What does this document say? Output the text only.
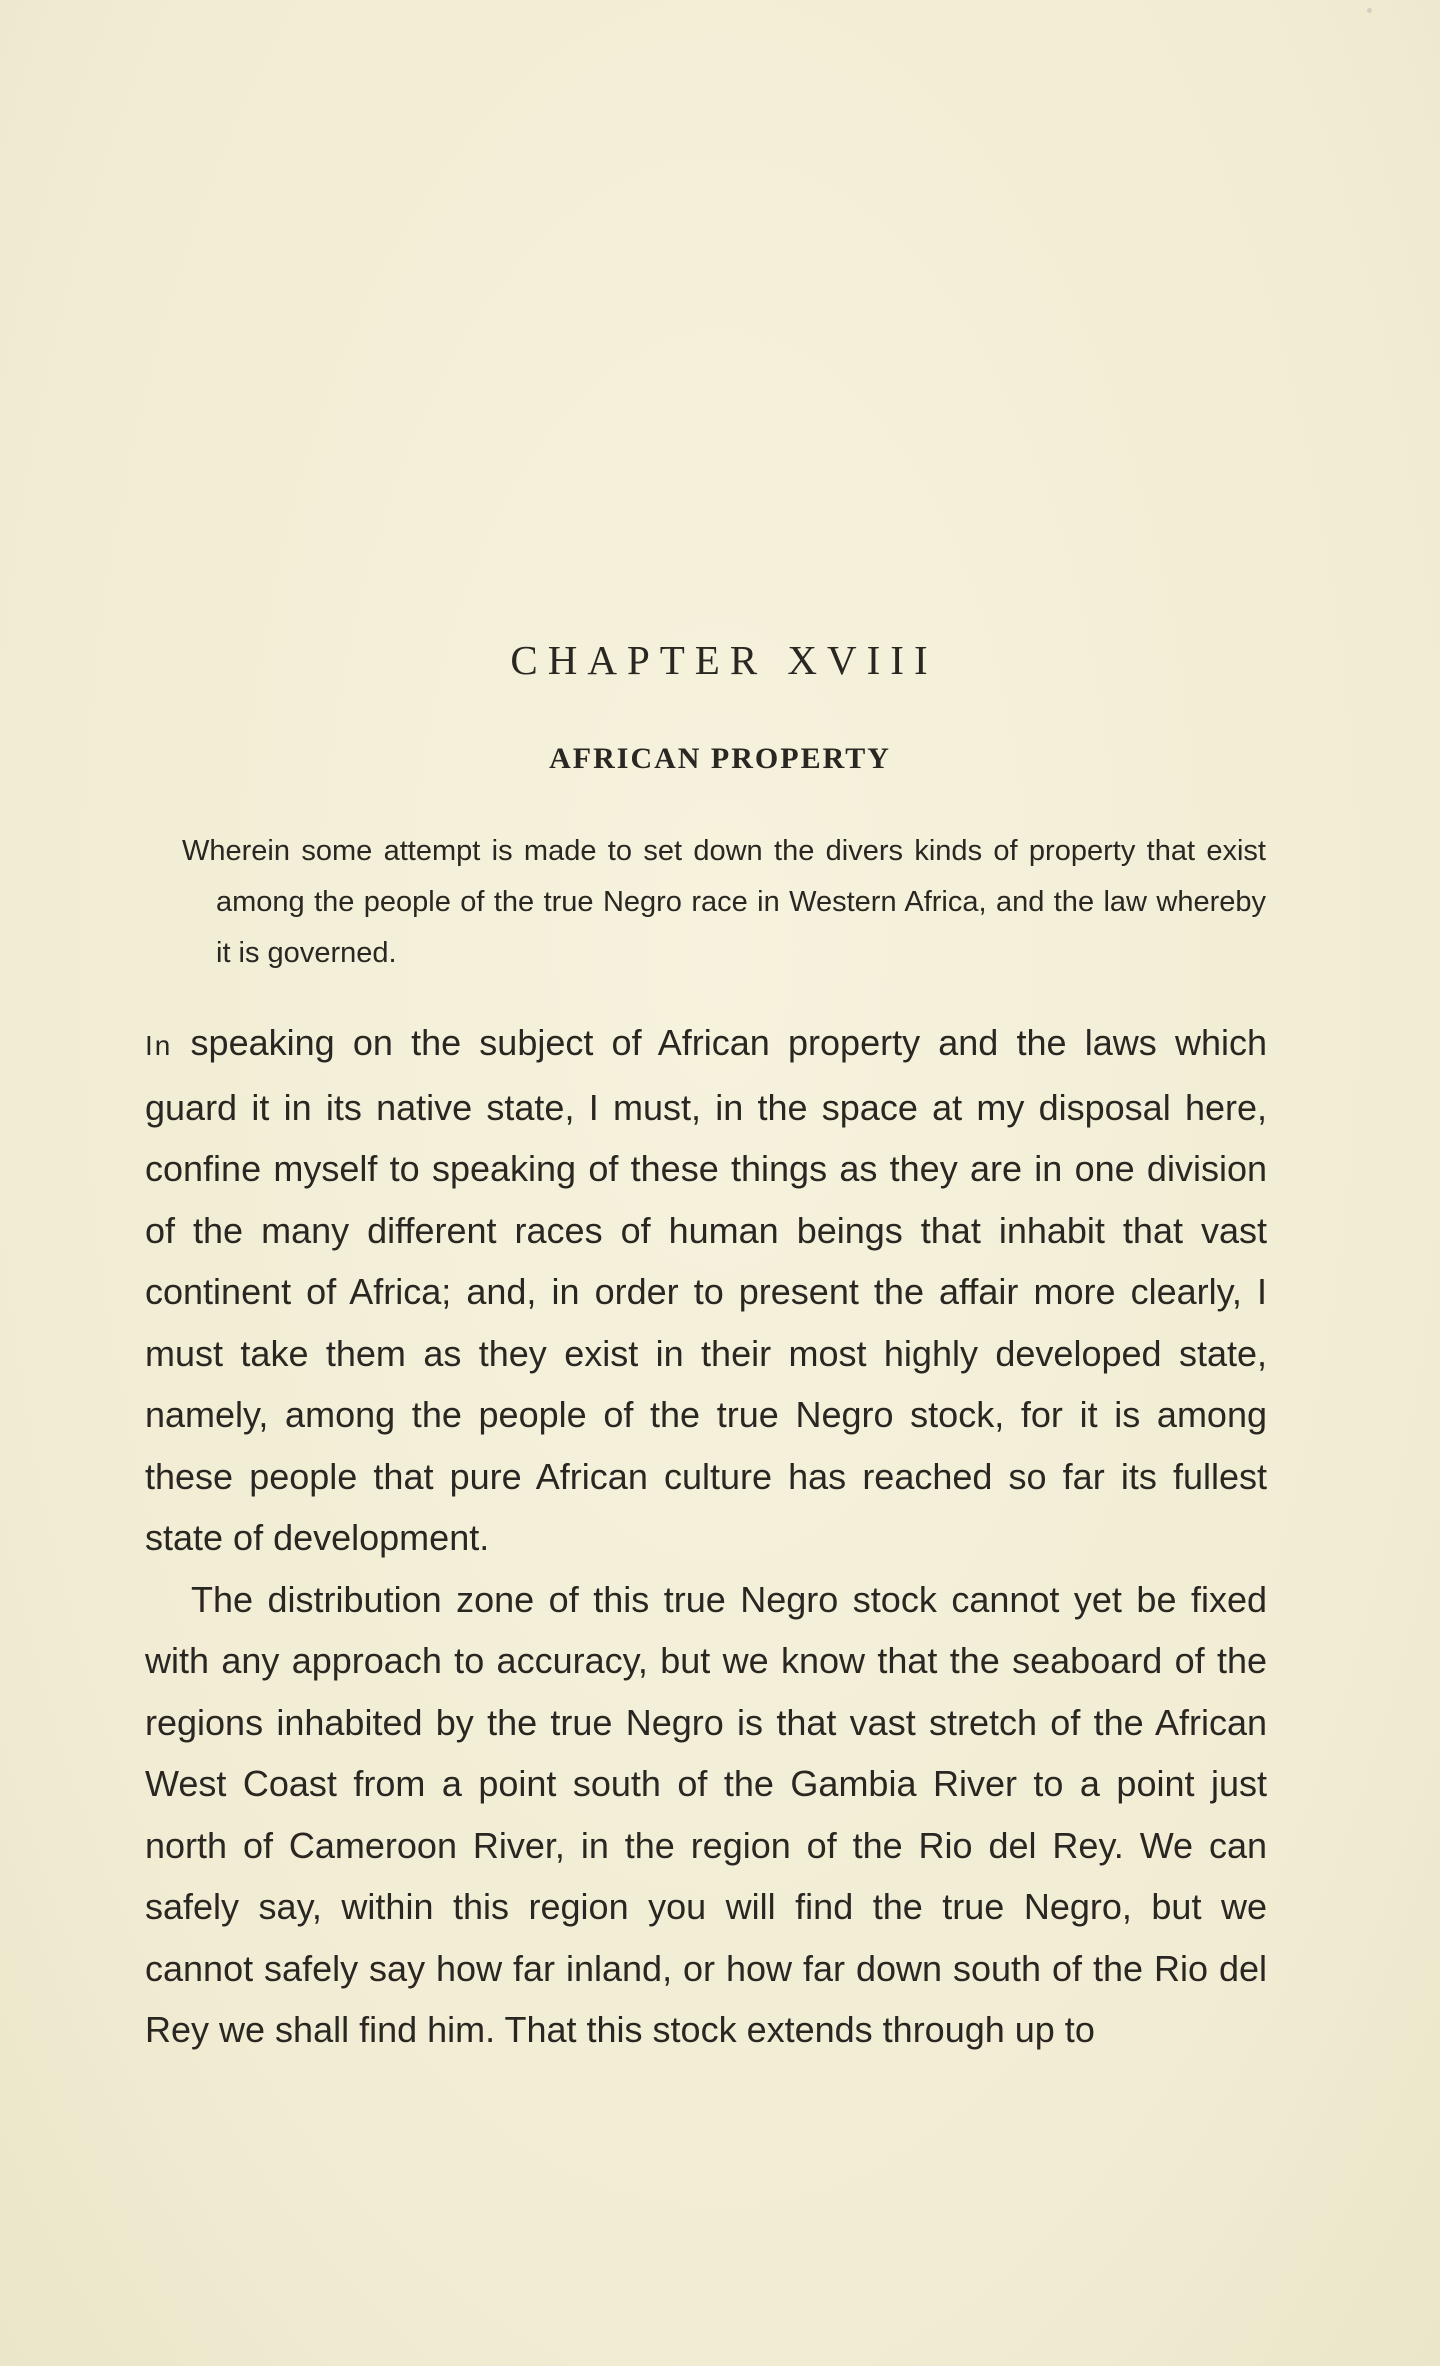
CHAPTER XVIII
AFRICAN PROPERTY

Wherein some attempt is made to set down the divers kinds of property that exist among the people of the true Negro race in Western Africa, and the law whereby it is governed.

In speaking on the subject of African property and the laws which guard it in its native state, I must, in the space at my disposal here, confine myself to speaking of these things as they are in one division of the many different races of human beings that inhabit that vast continent of Africa; and, in order to present the affair more clearly, I must take them as they exist in their most highly developed state, namely, among the people of the true Negro stock, for it is among these people that pure African culture has reached so far its fullest state of development.

The distribution zone of this true Negro stock cannot yet be fixed with any approach to accuracy, but we know that the seaboard of the regions inhabited by the true Negro is that vast stretch of the African West Coast from a point south of the Gambia River to a point just north of Cameroon River, in the region of the Rio del Rey. We can safely say, within this region you will find the true Negro, but we cannot safely say how far inland, or how far down south of the Rio del Rey we shall find him. That this stock extends through up to
